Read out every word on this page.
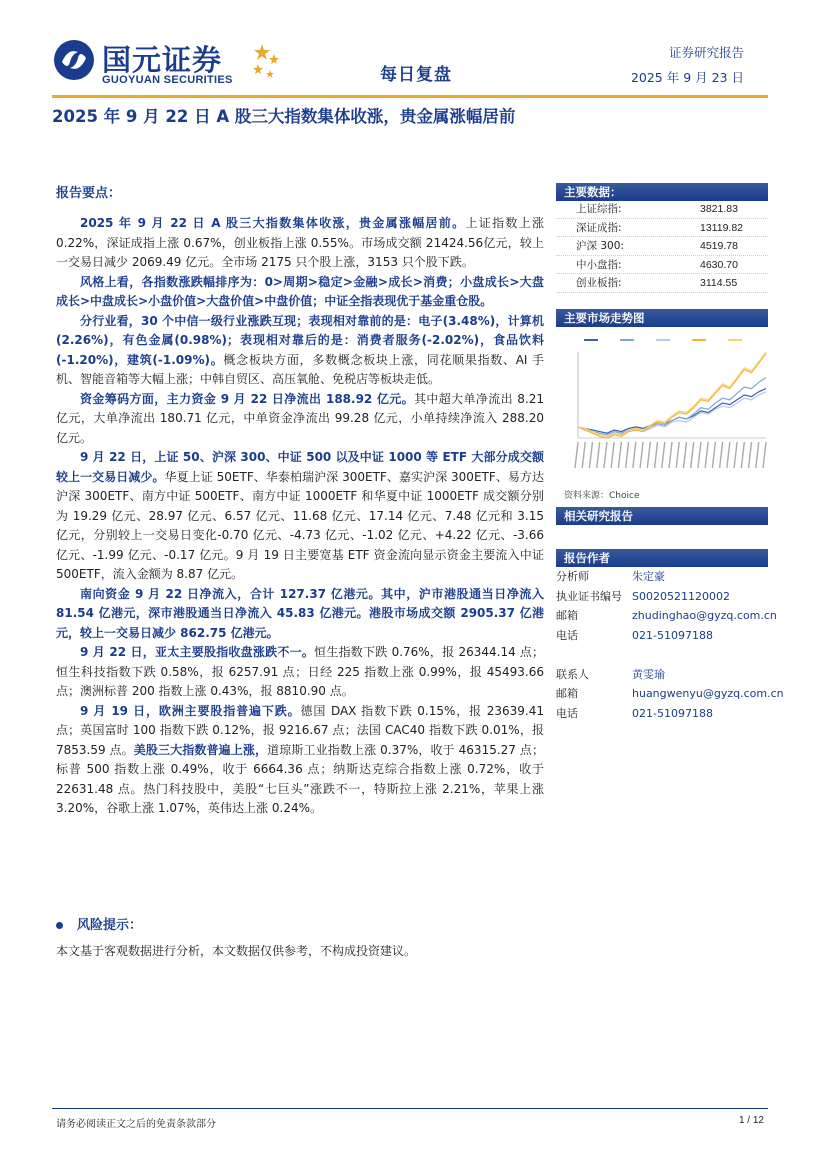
国元证券
GUOYUAN SECURITIES	每日复盘
证券研究报告
2025 年 9 月 23 日
2025 年 9 月 22 日 A 股三大指数集体收涨，贵金属涨幅居前
报告要点：

2025 年 9 月 22 日 A 股三大指数集体收涨，贵金属涨幅居前。上证指数上涨 0.22%，深证成指上涨 0.67%，创业板指上涨 0.55%。市场成交额 21424.56亿元，较上一交易日减少 2069.49 亿元。全市场 2175 只个股上涨，3153 只个股下跌。

风格上看，各指数涨跌幅排序为：0>周期>稳定>金融>成长>消费；小盘成长>大盘成长>中盘成长>小盘价值>大盘价值>中盘价值；中证全指表现优于基金重仓股。

分行业看，30 个中信一级行业涨跌互现；表现相对靠前的是：电子(3.48%)，计算机(2.26%)，有色金属(0.98%)；表现相对靠后的是：消费者服务(-2.02%)，食品饮料(-1.20%)，建筑(-1.09%)。概念板块方面，多数概念板块上涨，同花顺果指数、AI 手机、智能音箱等大幅上涨；中韩自贸区、高压氧舱、免税店等板块走低。

资金筹码方面，主力资金 9 月 22 日净流出 188.92 亿元。其中超大单净流出 8.21 亿元，大单净流出 180.71 亿元，中单资金净流出 99.28 亿元，小单持续净流入 288.20 亿元。

9 月 22 日，上证 50、沪深 300、中证 500 以及中证 1000 等 ETF 大部分成交额较上一交易日减少。华夏上证 50ETF、华泰柏瑞沪深 300ETF、嘉实沪深 300ETF、易方达沪深 300ETF、南方中证 500ETF、南方中证 1000ETF 和华夏中证 1000ETF 成交额分别为 19.29 亿元、28.97 亿元、6.57 亿元、11.68 亿元、17.14 亿元、7.48 亿元和 3.15 亿元，分别较上一交易日变化-0.70 亿元、-4.73 亿元、-1.02 亿元、+4.22 亿元、-3.66 亿元、-1.99 亿元、-0.17 亿元。9 月 19 日主要宽基 ETF 资金流向显示资金主要流入中证 500ETF，流入金额为 8.87 亿元。

南向资金 9 月 22 日净流入，合计 127.37 亿港元。其中，沪市港股通当日净流入 81.54 亿港元，深市港股通当日净流入 45.83 亿港元。港股市场成交额 2905.37 亿港元，较上一交易日减少 862.75 亿港元。

9 月 22 日，亚太主要股指收盘涨跌不一。恒生指数下跌 0.76%，报 26344.14 点；恒生科技指数下跌 0.58%，报 6257.91 点；日经 225 指数上涨 0.99%，报 45493.66 点；澳洲标普 200 指数上涨 0.43%，报 8810.90 点。

9 月 19 日，欧洲主要股指普遍下跌。德国 DAX 指数下跌 0.15%，报 23639.41 点；英国富时 100 指数下跌 0.12%，报 9216.67 点；法国 CAC40 指数下跌 0.01%，报 7853.59 点。美股三大指数普遍上涨，道琼斯工业指数上涨 0.37%，收于 46315.27 点；标普 500 指数上涨 0.49%，收于 6664.36 点；纳斯达克综合指数上涨 0.72%，收于 22631.48 点。热门科技股中，美股“七巨头”涨跌不一，特斯拉上涨 2.21%，苹果上涨 3.20%，谷歌上涨 1.07%，英伟达上涨 0.24%。

风险提示：
本文基于客观数据进行分析，本文数据仅供参考，不构成投资建议。
主要数据：
上证综指:	3821.83
深证成指:	13119.82
沪深 300:	4519.78
中小盘指:	4630.70
创业板指:	3114.55
主要市场走势图
资料来源：Choice
相关研究报告
报告作者
分析师	朱定豪
执业证书编号 S0020521120002
邮箱	zhudinghao@gyzq.com.cn
电话	021-51097188
联系人	黄雯瑜
邮箱	huangwenyu@gyzq.com.cn
电话	021-51097188
请务必阅读正文之后的免责条款部分	1 / 12
